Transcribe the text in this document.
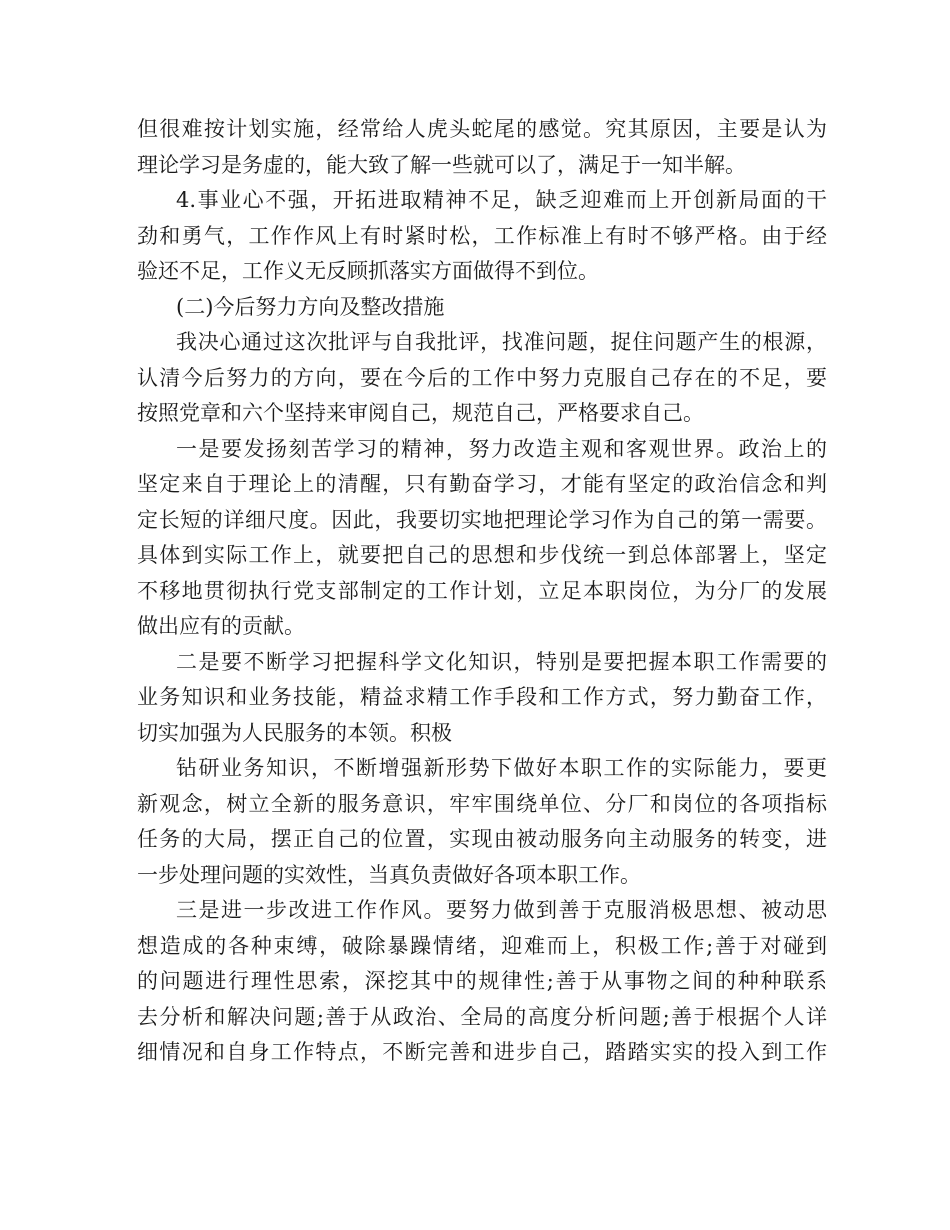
但很难按计划实施，经常给人虎头蛇尾的感觉。究其原因，主要是认为
理论学习是务虚的，能大致了解一些就可以了，满足于一知半解。
4.事业心不强，开拓进取精神不足，缺乏迎难而上开创新局面的干
劲和勇气，工作作风上有时紧时松，工作标准上有时不够严格。由于经
验还不足，工作义无反顾抓落实方面做得不到位。
(二)今后努力方向及整改措施
我决心通过这次批评与自我批评，找准问题，捉住问题产生的根源，
认清今后努力的方向，要在今后的工作中努力克服自己存在的不足，要
按照党章和六个坚持来审阅自己，规范自己，严格要求自己。
一是要发扬刻苦学习的精神，努力改造主观和客观世界。政治上的
坚定来自于理论上的清醒，只有勤奋学习，才能有坚定的政治信念和判
定长短的详细尺度。因此，我要切实地把理论学习作为自己的第一需要。
具体到实际工作上，就要把自己的思想和步伐统一到总体部署上，坚定
不移地贯彻执行党支部制定的工作计划，立足本职岗位，为分厂的发展
做出应有的贡献。
二是要不断学习把握科学文化知识，特别是要把握本职工作需要的
业务知识和业务技能，精益求精工作手段和工作方式，努力勤奋工作，
切实加强为人民服务的本领。积极
钻研业务知识，不断增强新形势下做好本职工作的实际能力，要更
新观念，树立全新的服务意识，牢牢围绕单位、分厂和岗位的各项指标
任务的大局，摆正自己的位置，实现由被动服务向主动服务的转变，进
一步处理问题的实效性，当真负责做好各项本职工作。
三是进一步改进工作作风。要努力做到善于克服消极思想、被动思
想造成的各种束缚，破除暴躁情绪，迎难而上，积极工作;善于对碰到
的问题进行理性思索，深挖其中的规律性;善于从事物之间的种种联系
去分析和解决问题;善于从政治、全局的高度分析问题;善于根据个人详
细情况和自身工作特点，不断完善和进步自己，踏踏实实的投入到工作
